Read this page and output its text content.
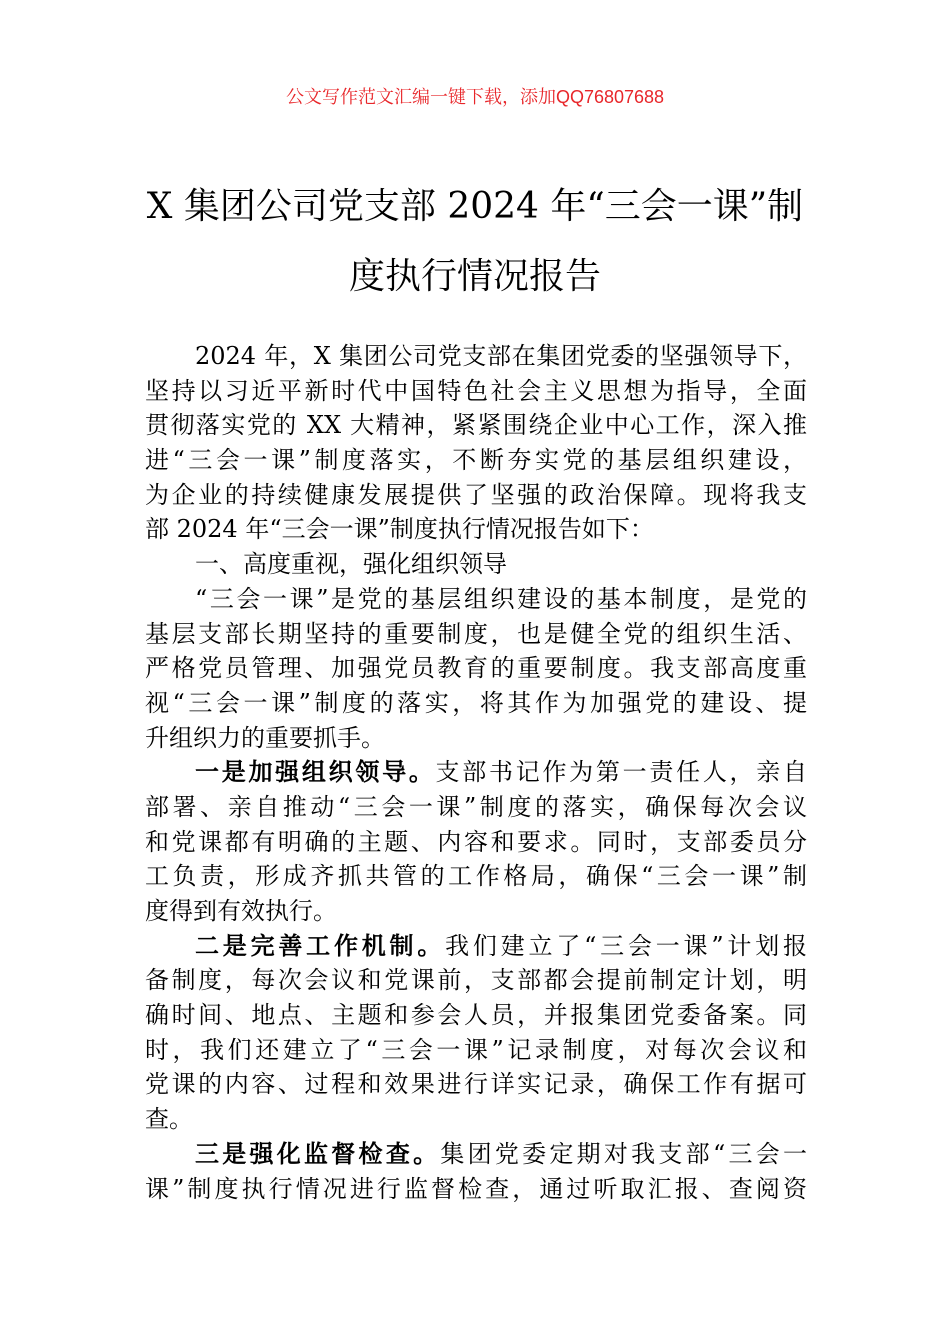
公文写作范文汇编一键下载，添加QQ76807688
X 集团公司党支部 2024 年“三会一课”制
度执行情况报告
2024 年，X 集团公司党支部在集团党委的坚强领导下，
坚持以习近平新时代中国特色社会主义思想为指导，全面
贯彻落实党的 XX 大精神，紧紧围绕企业中心工作，深入推
进“三会一课”制度落实，不断夯实党的基层组织建设，
为企业的持续健康发展提供了坚强的政治保障。现将我支
部 2024 年“三会一课”制度执行情况报告如下：
一、高度重视，强化组织领导
“三会一课”是党的基层组织建设的基本制度，是党的
基层支部长期坚持的重要制度，也是健全党的组织生活、
严格党员管理、加强党员教育的重要制度。我支部高度重
视“三会一课”制度的落实，将其作为加强党的建设、提
升组织力的重要抓手。
一是加强组织领导。支部书记作为第一责任人，亲自
部署、亲自推动“三会一课”制度的落实，确保每次会议
和党课都有明确的主题、内容和要求。同时，支部委员分
工负责，形成齐抓共管的工作格局，确保“三会一课”制
度得到有效执行。
二是完善工作机制。我们建立了“三会一课”计划报
备制度，每次会议和党课前，支部都会提前制定计划，明
确时间、地点、主题和参会人员，并报集团党委备案。同
时，我们还建立了“三会一课”记录制度，对每次会议和
党课的内容、过程和效果进行详实记录，确保工作有据可
查。
三是强化监督检查。集团党委定期对我支部“三会一
课”制度执行情况进行监督检查，通过听取汇报、查阅资
